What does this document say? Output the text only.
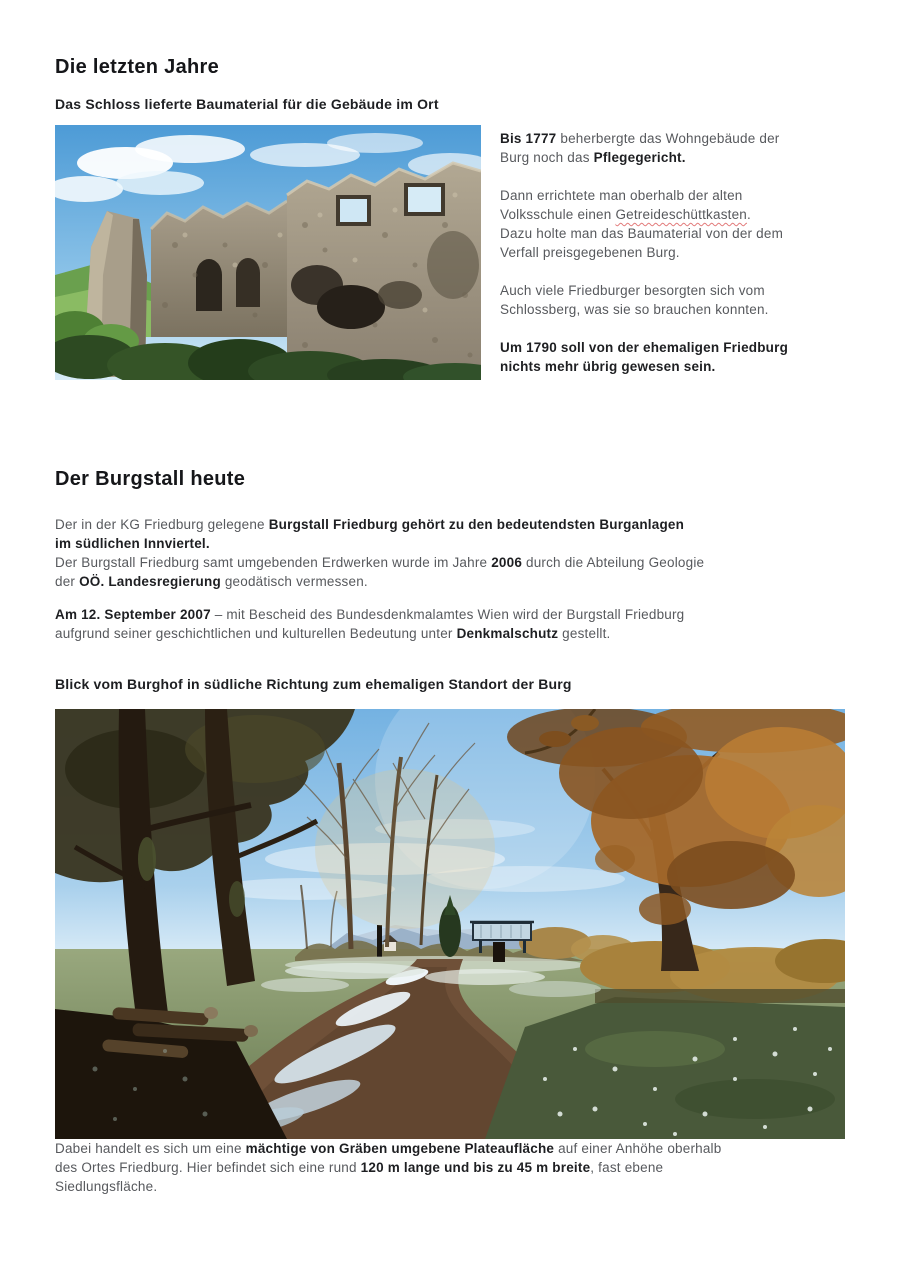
Die letzten Jahre
Das Schloss lieferte Baumaterial für die Gebäude im Ort

Bis 1777 beherbergte das Wohngebäude der
Burg noch das Pflegegericht.

Dann errichtete man oberhalb der alten
Volksschule einen Getreideschüttkasten.
Dazu holte man das Baumaterial von der dem
Verfall preisgegebenen Burg.

Auch viele Friedburger besorgten sich vom
Schlossberg, was sie so brauchen konnten.

Um 1790 soll von der ehemaligen Friedburg
nichts mehr übrig gewesen sein.

Der Burgstall heute

Der in der KG Friedburg gelegene Burgstall Friedburg gehört zu den bedeutendsten Burganlagen
im südlichen Innviertel.
Der Burgstall Friedburg samt umgebenden Erdwerken wurde im Jahre 2006 durch die Abteilung Geologie
der OÖ. Landesregierung geodätisch vermessen.

Am 12. September 2007 – mit Bescheid des Bundesdenkmalamtes Wien wird der Burgstall Friedburg
aufgrund seiner geschichtlichen und kulturellen Bedeutung unter Denkmalschutz gestellt.

Blick vom Burghof in südliche Richtung zum ehemaligen Standort der Burg

Dabei handelt es sich um eine mächtige von Gräben umgebene Plateaufläche auf einer Anhöhe oberhalb
des Ortes Friedburg. Hier befindet sich eine rund 120 m lange und bis zu 45 m breite, fast ebene
Siedlungsfläche.
